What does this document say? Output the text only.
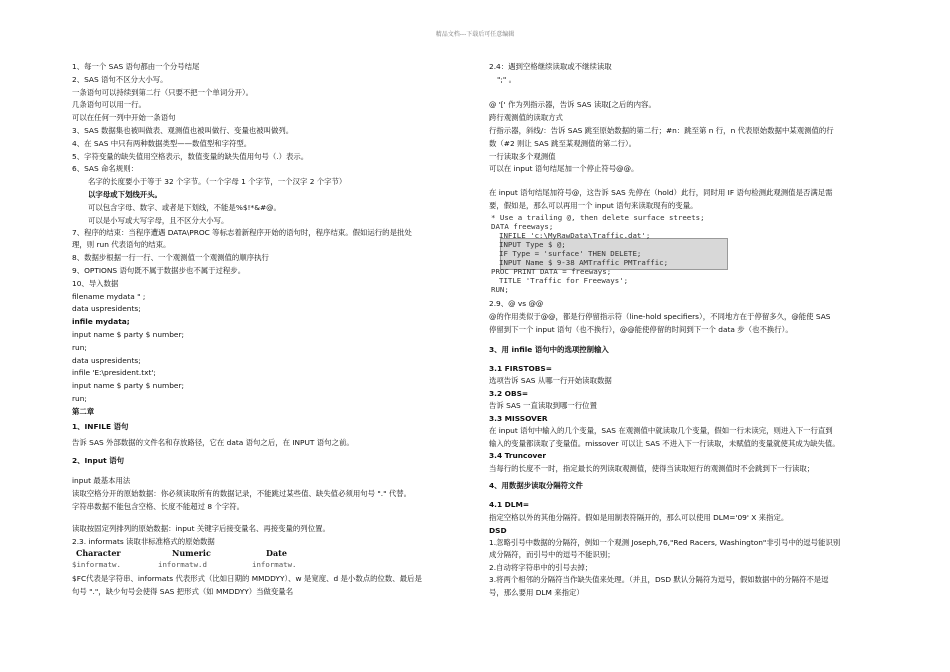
精品文档---下载后可任意编辑
1、每一个 SAS 语句都由一个分号结尾
2、SAS 语句不区分大小写。
一条语句可以持续到第二行（只要不把一个单词分开）。
几条语句可以用一行。
可以在任何一列中开始一条语句
3、SAS 数据集也被叫做表、观测值也被叫做行、变量也被叫做列。
4、在 SAS 中只有两种数据类型——数值型和字符型。
5、字符变量的缺失值用空格表示，数值变量的缺失值用句号（.）表示。
6、SAS 命名规则：
名字的长度要小于等于 32 个字节。（一个字母 1 个字节，一个汉字 2 个字节）
以字母或下划线开头。
可以包含字母、数字、或者是下划线，不能是%$!*&#@。
可以是小写或大写字母，且不区分大小写。
7、程序的结束：当程序遭遇 DATA\PROC 等标志着新程序开始的语句时，程序结束。假如运行的是批处
理，则 run 代表语句的结束。
8、数据步根据一行一行、一个观测值一个观测值的顺序执行
9、OPTIONS 语句既不属于数据步也不属于过程步。
10、导入数据
filename mydata " ;
data uspresidents;
infile mydata;
input name $ party $ number;
run;
data uspresidents;
infile 'E:\president.txt';
input name $ party $ number;
run;
第二章
1、INFILE 语句
告诉 SAS 外部数据的文件名和存放路径，它在 data 语句之后，在 INPUT 语句之前。
2、Input 语句
input 最基本用法
读取空格分开的原始数据：你必须读取所有的数据记录，不能跳过某些值、缺失值必须用句号 "." 代替。
字符串数据不能包含空格、长度不能超过 8 个字符。
读取按固定列排列的原始数据：input 关键字后接变量名、再接变量的列位置。
2.3. informats 读取非标准格式的原始数据
$FC代表是字符串、informats 代表形式（比如日期的 MMDDYY）、w 是宽度、d 是小数点的位数、最后是
句号 "."，缺少句号会使得 SAS 把形式（如 MMDDYY）当做变量名
Character	Numeric	Date
$informatw.	informatw.d	informatw.
2.4：遇到空格继续读取或不继续读取
";" 。
@ '[' 作为列指示器，告诉 SAS 读取[之后的内容。
跨行观测值的读取方式
行指示器，斜线/：告诉 SAS 跳至原始数据的第二行；#n：跳至第 n 行，n 代表原始数据中某观测值的行
数（#2 则让 SAS 跳至某观测值的第二行）。
一行读取多个观测值
可以在 input 语句结尾加一个停止符号@@。
在 input 语句结尾加符号@，这告诉 SAS 先停在（hold）此行，同时用 IF 语句检测此观测值是否满足需
要，假如是，那么可以再用一个 input 语句来读取现有的变量。
* Use a trailing @, then delete surface streets;
DATA freeways;
INFILE 'c:\MyRawData\Traffic.dat';
INPUT Type $ @;
IF Type = 'surface' THEN DELETE;
INPUT Name $ 9-38 AMTraffic PMTraffic;
PROC PRINT DATA = freeways;
TITLE 'Traffic for Freeways';
RUN;
2.9、@ vs @@
@的作用类似于@@，都是行停留指示符（line-hold specifiers），不同地方在于停留多久，@能使 SAS
停留到下一个 input 语句（也不换行），@@能使停留的时间到下一个 data 步（也不换行）。
3、用 infile 语句中的选项控制输入
3.1 FIRSTOBS=
选项告诉 SAS 从哪一行开始读取数据
3.2 OBS=
告诉 SAS 一直读取到哪一行位置
3.3 MISSOVER
在 input 语句中输入的几个变量，SAS 在观测值中就读取几个变量，假如一行未读完，则进入下一行直到
输入的变量都读取了变量值。missover 可以让 SAS 不进入下一行读取，未赋值的变量就使其成为缺失值。
3.4 Truncover
当每行的长度不一时，指定最长的列读取观测值，使得当读取短行的观测值时不会跳到下一行读取；
4、用数据步读取分隔符文件
4.1 DLM=
指定空格以外的其他分隔符。假如是用制表符隔开的，那么可以使用 DLM='09' X 来指定。
DSD
1.忽略引号中数据的分隔符，例如一个观测 Joseph,76,"Red Racers, Washington"非引号中的逗号能识别
成分隔符，而引号中的逗号不能识别；
2.自动将字符串中的引号去掉；
3.将两个相邻的分隔符当作缺失值来处理。（并且，DSD 默认分隔符为逗号，假如数据中的分隔符不是逗
号，那么要用 DLM 来指定）
